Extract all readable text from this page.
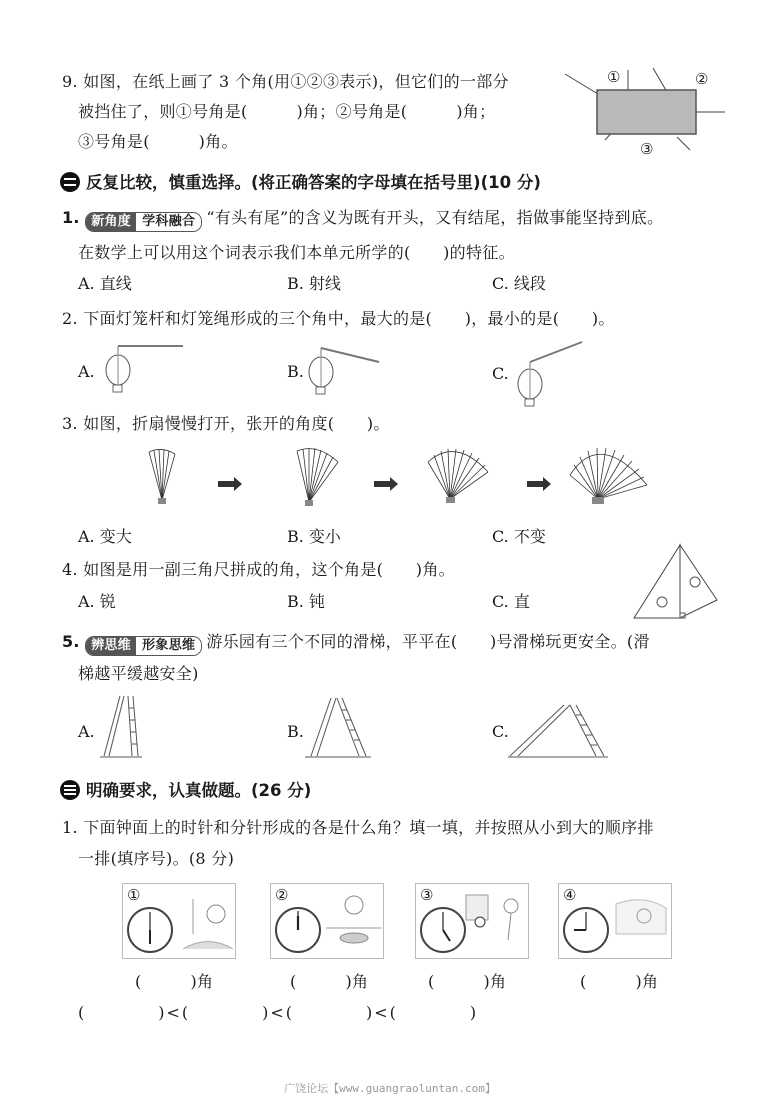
9. 如图，在纸上画了 3 个角(用①②③表示)，但它们的一部分
被挡住了，则①号角是(　　　)角；②号角是(　　　)角；
③号角是(　　　)角。
①	②
③
反复比较，慎重选择。(将正确答案的字母填在括号里)(10 分)
1. 新角度 学科融合 “有头有尾”的含义为既有开头，又有结尾，指做事能坚持到底。
在数学上可以用这个词表示我们本单元所学的(　　)的特征。
A. 直线	B. 射线	C. 线段
2. 下面灯笼杆和灯笼绳形成的三个角中，最大的是(　　)，最小的是(　　)。
A.	B.	C.
3. 如图，折扇慢慢打开，张开的角度(　　)。
A. 变大	B. 变小	C. 不变
4. 如图是用一副三角尺拼成的角，这个角是(　　)角。
A. 锐	B. 钝	C. 直
5. 辨思维 形象思维 游乐园有三个不同的滑梯，平平在(　　)号滑梯玩更安全。(滑
梯越平缓越安全)
A.	B.	C.
明确要求，认真做题。(26 分)
1. 下面钟面上的时针和分针形成的各是什么角？填一填，并按照从小到大的顺序排
一排(填序号)。(8 分)
①	②	③	④
(　　　)角	(　　　)角	(　　　)角	(　　　)角
(　　　　)<(　　　　)<(　　　　)<(　　　　)
广饶论坛【www.guangraoluntan.com】
